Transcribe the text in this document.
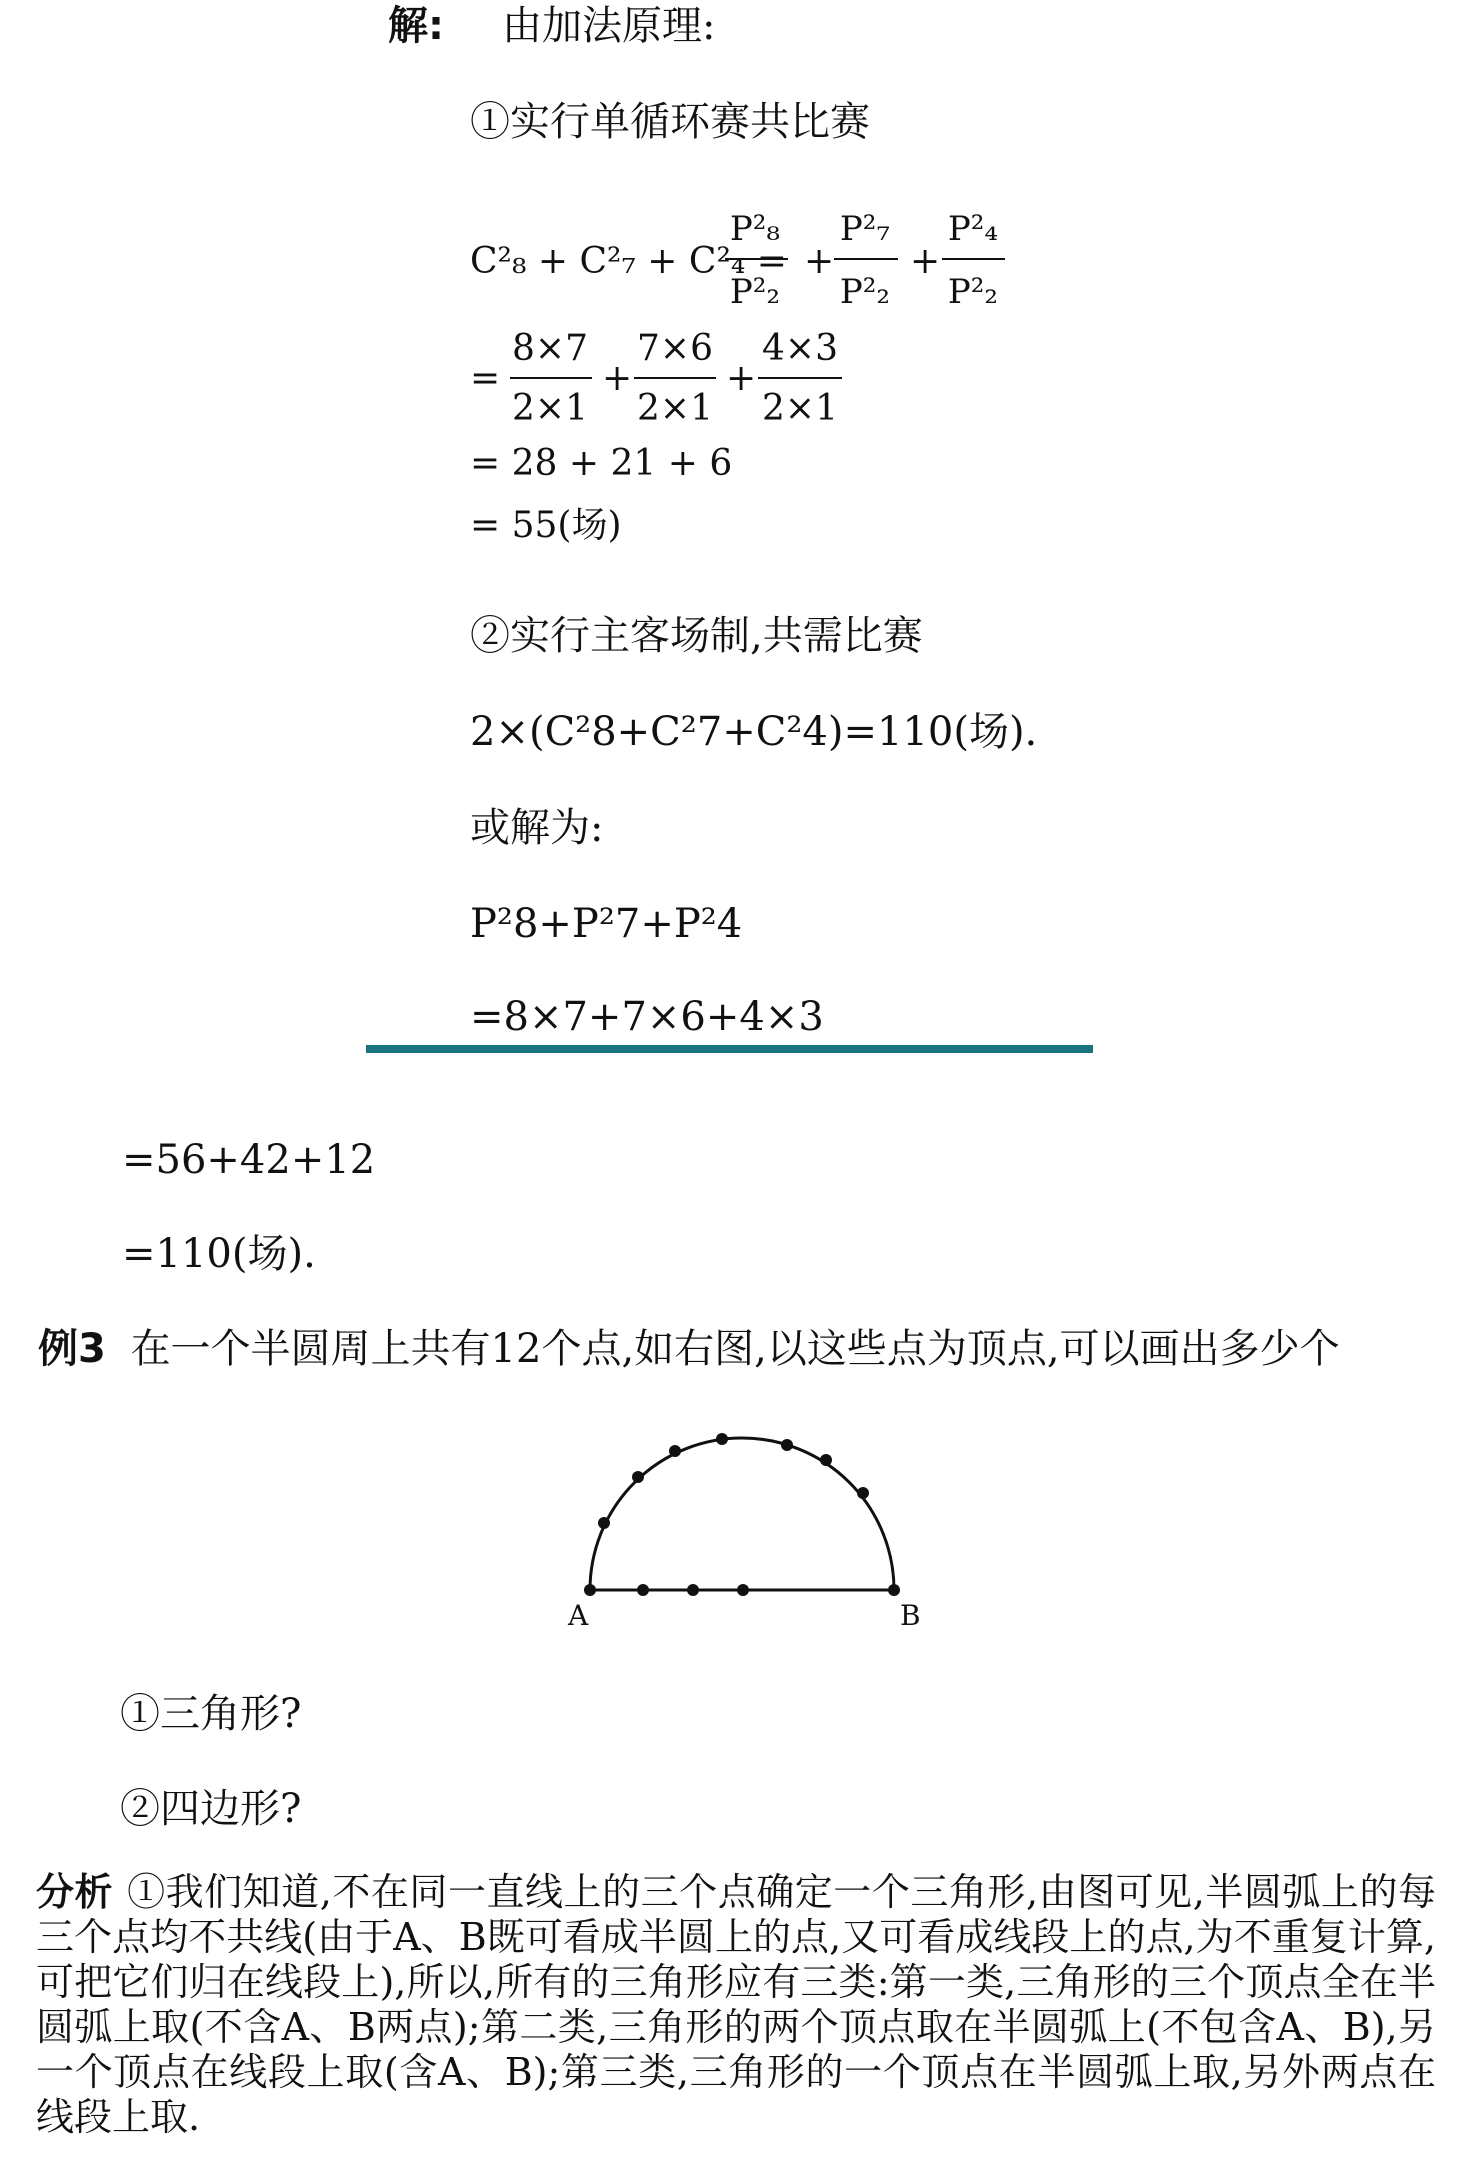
解: 由加法原理:
①实行单循环赛共比赛
C²₈ + C²₇ + C²₄ =
P²₈
P²₂
+
P²₇
P²₂
+
P²₄
P²₂
=
8×7
2×1
+
7×6
2×1
+
4×3
2×1
= 28 + 21 + 6
= 55(场)
②实行主客场制,共需比赛
2×(C²8+C²7+C²4)=110(场).
或解为:
P²8+P²7+P²4
=8×7+7×6+4×3
=56+42+12
=110(场).
例3 在一个半圆周上共有12个点,如右图,以这些点为顶点,可以画出多少个
A	B
①三角形?
②四边形?
分析 ①我们知道,不在同一直线上的三个点确定一个三角形,由图可见,半圆弧上的每三个点均不共线(由于A、B既可看成半圆上的点,又可看成线段上的点,为不重复计算,可把它们归在线段上),所以,所有的三角形应有三类:第一类,三角形的三个顶点全在半圆弧上取(不含A、B两点);第二类,三角形的两个顶点取在半圆弧上(不包含A、B),另一个顶点在线段上取(含A、B);第三类,三角形的一个顶点在半圆弧上取,另外两点在线段上取.
